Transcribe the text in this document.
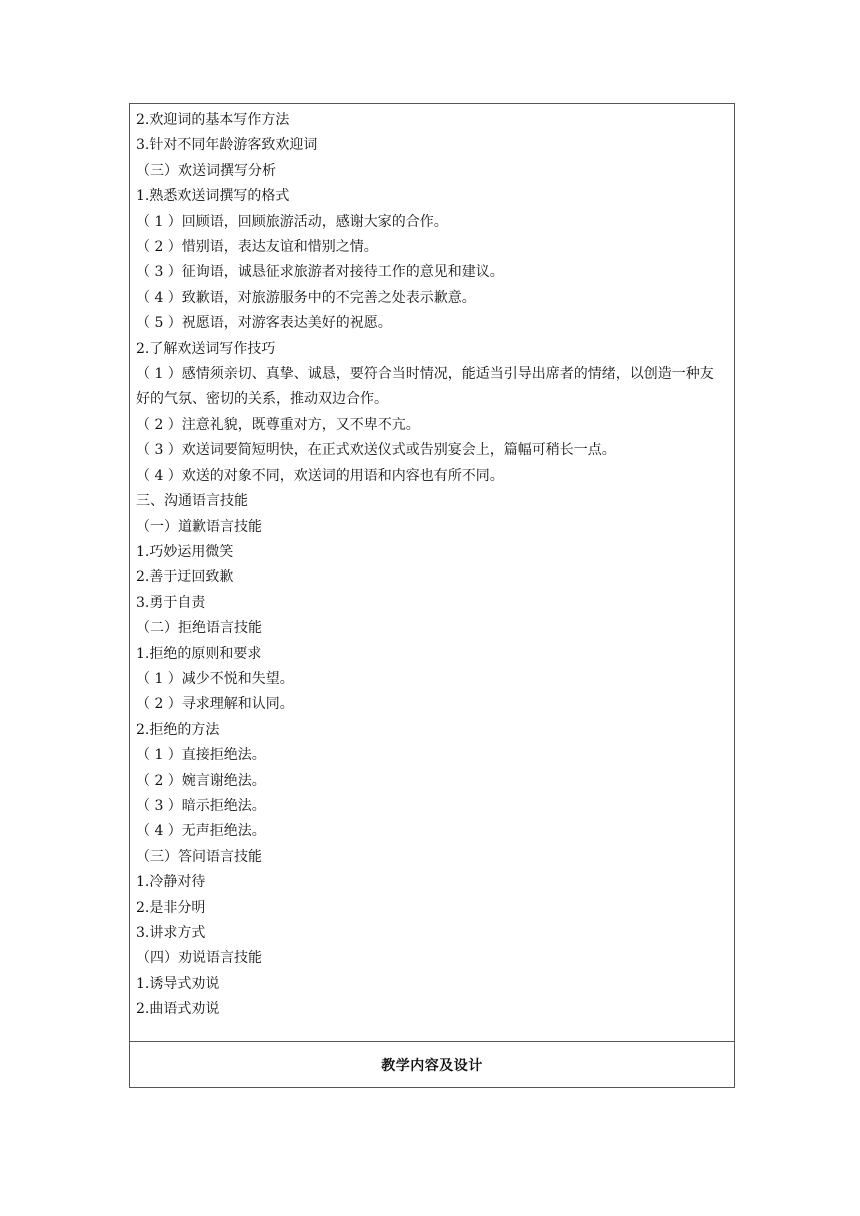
2.欢迎词的基本写作方法
3.针对不同年龄游客致欢迎词
（三）欢送词撰写分析
1.熟悉欢送词撰写的格式
（ 1 ）回顾语，回顾旅游活动，感谢大家的合作。
（ 2 ）惜别语，表达友谊和惜别之情。
（ 3 ）征询语，诚恳征求旅游者对接待工作的意见和建议。
（ 4 ）致歉语，对旅游服务中的不完善之处表示歉意。
（ 5 ）祝愿语，对游客表达美好的祝愿。
2.了解欢送词写作技巧
（ 1 ）感情须亲切、真挚、诚恳，要符合当时情况，能适当引导出席者的情绪，以创造一种友 好的气氛、密切的关系，推动双边合作。
（ 2 ）注意礼貌，既尊重对方，又不卑不亢。
（ 3 ）欢送词要简短明快，在正式欢送仪式或告别宴会上，篇幅可稍长一点。
（ 4 ）欢送的对象不同，欢送词的用语和内容也有所不同。
三、沟通语言技能
（一）道歉语言技能
1.巧妙运用微笑
2.善于迂回致歉
3.勇于自责
（二）拒绝语言技能
1.拒绝的原则和要求
（ 1 ）减少不悦和失望。
（ 2 ）寻求理解和认同。
2.拒绝的方法
（ 1 ）直接拒绝法。
（ 2 ）婉言谢绝法。
（ 3 ）暗示拒绝法。
（ 4 ）无声拒绝法。
（三）答问语言技能
1.冷静对待
2.是非分明
3.讲求方式
（四）劝说语言技能
1.诱导式劝说
2.曲语式劝说
教学内容及设计
